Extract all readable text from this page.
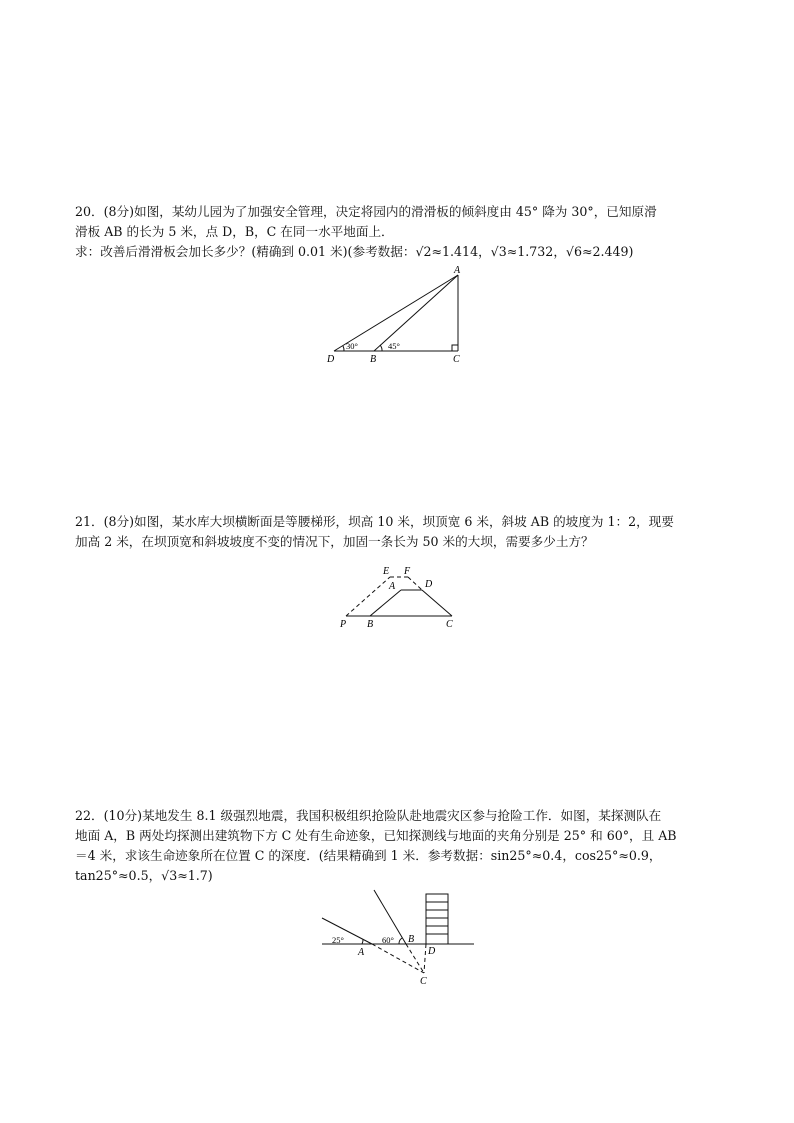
20．(8分)如图，某幼儿园为了加强安全管理，决定将园内的滑滑板的倾斜度由 45° 降为 30°，已知原滑
滑板 AB 的长为 5 米，点 D，B，C 在同一水平地面上．
求：改善后滑滑板会加长多少？(精确到 0.01 米)(参考数据：√2≈1.414，√3≈1.732，√6≈2.449)
A
D	B	C
30°	45°
21．(8分)如图，某水库大坝横断面是等腰梯形，坝高 10 米，坝顶宽 6 米，斜坡 AB 的坡度为 1：2，现要
加高 2 米，在坝顶宽和斜坡坡度不变的情况下，加固一条长为 50 米的大坝，需要多少土方？
E F
A	D
P B	C
22．(10分)某地发生 8.1 级强烈地震，我国积极组织抢险队赴地震灾区参与抢险工作．如图，某探测队在
地面 A，B 两处均探测出建筑物下方 C 处有生命迹象，已知探测线与地面的夹角分别是 25° 和 60°，且 AB
＝4 米，求该生命迹象所在位置 C 的深度．(结果精确到 1 米．参考数据：sin25°≈0.4，cos25°≈0.9，
tan25°≈0.5，√3≈1.7)
25°	60°
A
B
D
C
